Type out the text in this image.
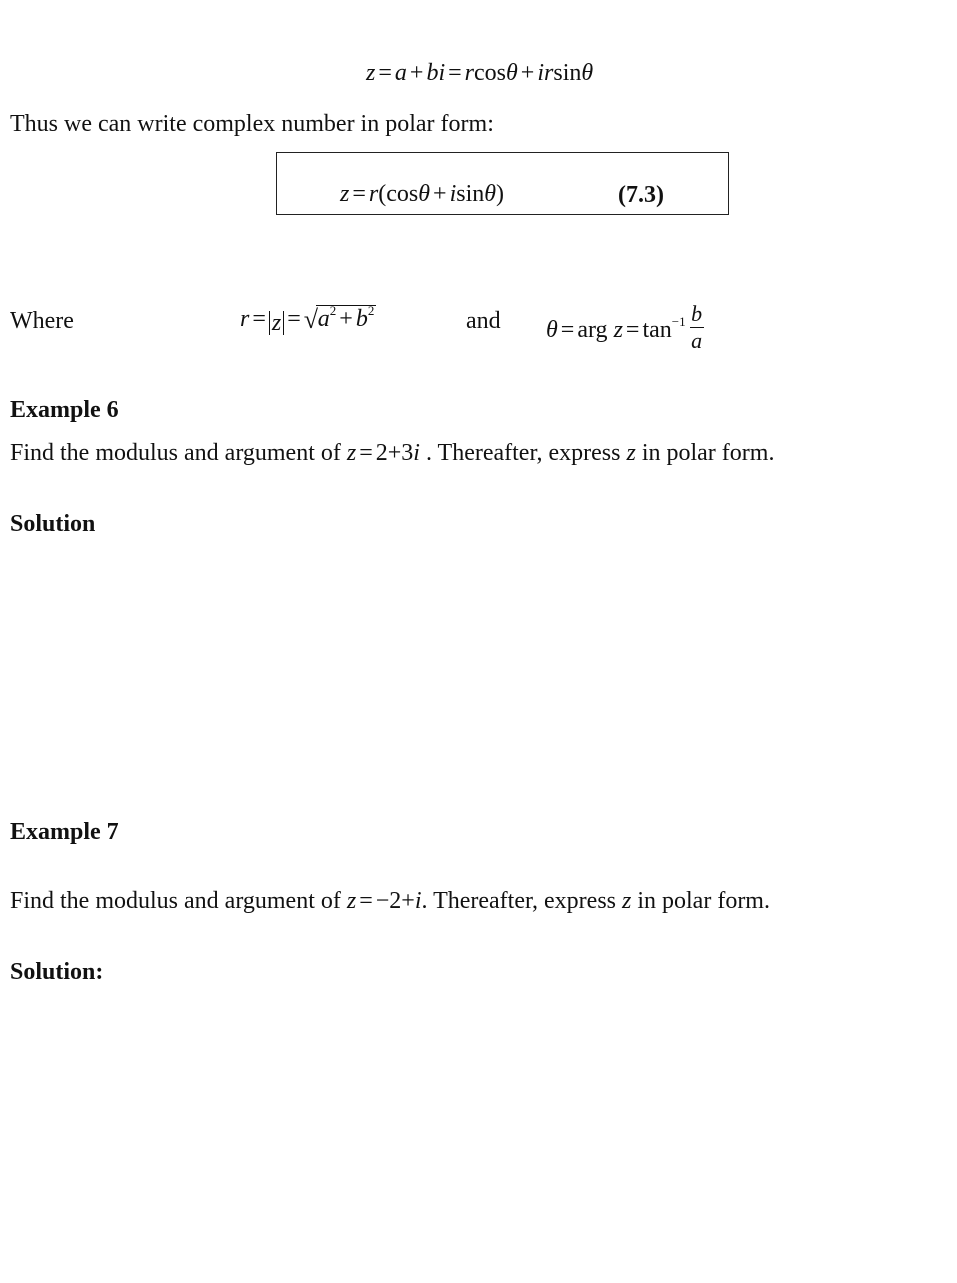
z = a + bi = rcosθ + irsinθ
Thus we can write complex number in polar form:
z = r(cosθ + isinθ)	(7.3)
Where	r = z = √ $a^2 + b^2$	and θ = arg $z = \tan^{-1} \frac{b}{a}$
Example 6
Find the modulus and argument of z = 2+3i . Thereafter, express z in polar form.
Solution
Example 7
Find the modulus and argument of z = −2+i. Thereafter, express z in polar form.
Solution:
